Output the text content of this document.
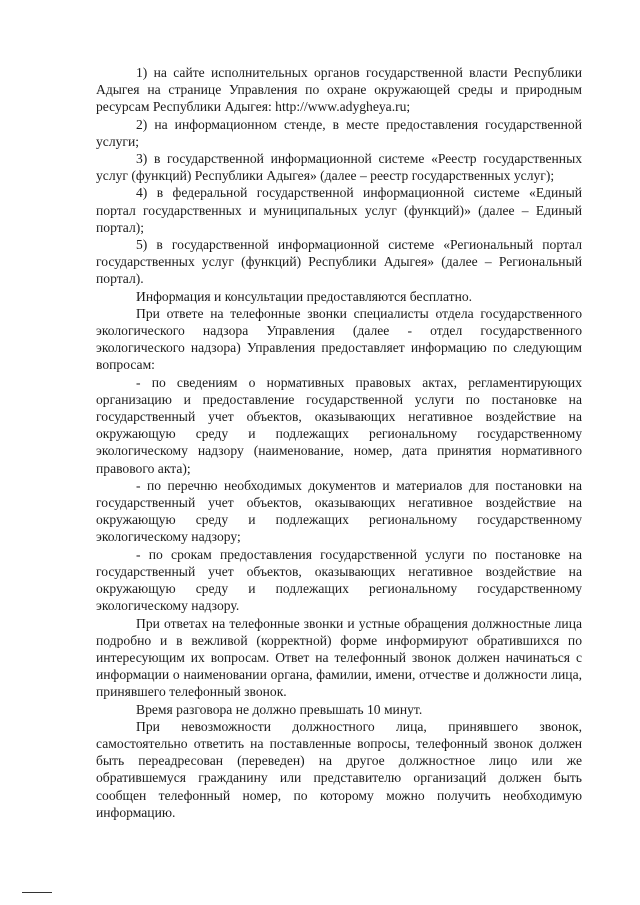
1) на сайте исполнительных органов государственной власти Республики Адыгея на странице Управления по охране окружающей среды и природным ресурсам Республики Адыгея: http://www.adygheya.ru;

2) на информационном стенде, в месте предоставления государственной услуги;

3) в государственной информационной системе «Реестр государственных услуг (функций) Республики Адыгея» (далее – реестр государственных услуг);

4) в федеральной государственной информационной системе «Единый портал государственных и муниципальных услуг (функций)» (далее – Единый портал);

5) в государственной информационной системе «Региональный портал государственных услуг (функций) Республики Адыгея» (далее – Региональный портал).

Информация и консультации предоставляются бесплатно.

При ответе на телефонные звонки специалисты отдела государственного экологического надзора Управления (далее - отдел государственного экологического надзора) Управления предоставляет информацию по следующим вопросам:

- по сведениям о нормативных правовых актах, регламентирующих организацию и предоставление государственной услуги по постановке на государственный учет объектов, оказывающих негативное воздействие на окружающую среду и подлежащих региональному государственному экологическому надзору (наименование, номер, дата принятия нормативного правового акта);

- по перечню необходимых документов и материалов для постановки на государственный учет объектов, оказывающих негативное воздействие на окружающую среду и подлежащих региональному государственному экологическому надзору;

- по срокам предоставления государственной услуги по постановке на государственный учет объектов, оказывающих негативное воздействие на окружающую среду и подлежащих региональному государственному экологическому надзору.

При ответах на телефонные звонки и устные обращения должностные лица подробно и в вежливой (корректной) форме информируют обратившихся по интересующим их вопросам. Ответ на телефонный звонок должен начинаться с информации о наименовании органа, фамилии, имени, отчестве и должности лица, принявшего телефонный звонок.

Время разговора не должно превышать 10 минут.

При невозможности должностного лица, принявшего звонок, самостоятельно ответить на поставленные вопросы, телефонный звонок должен быть переадресован (переведен) на другое должностное лицо или же обратившемуся гражданину или представителю организаций должен быть сообщен телефонный номер, по которому можно получить необходимую информацию.
